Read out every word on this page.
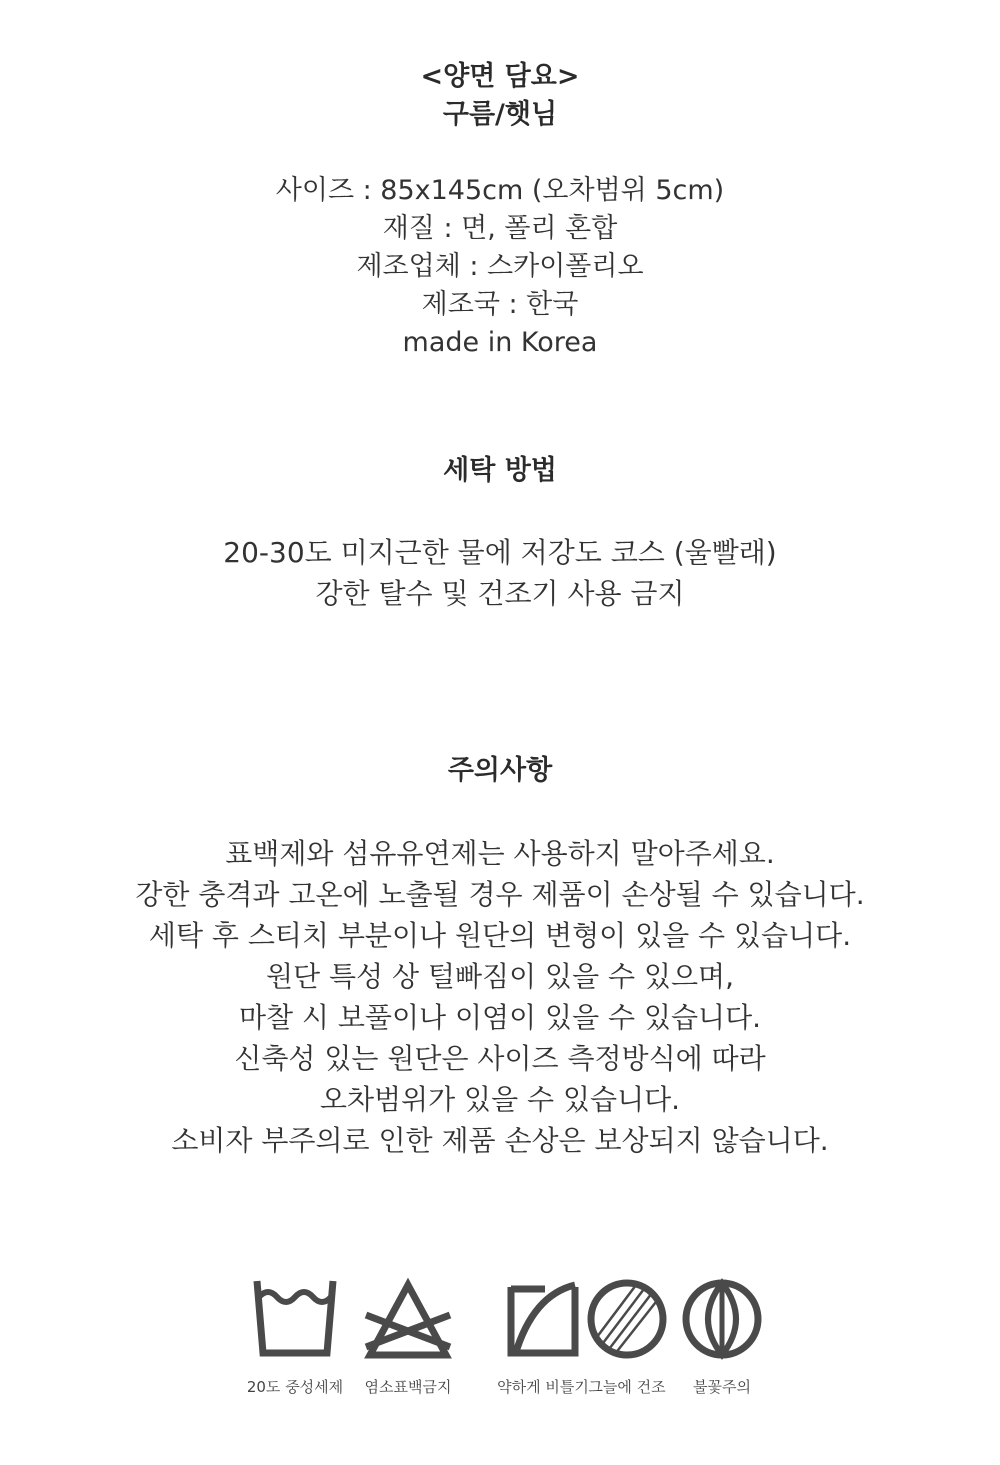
<양면 담요>
구름/햇님
사이즈 : 85x145cm (오차범위 5cm)
재질 : 면, 폴리 혼합
제조업체 : 스카이폴리오
제조국 : 한국
made in Korea
세탁 방법
20-30도 미지근한 물에 저강도 코스 (울빨래)
강한 탈수 및 건조기 사용 금지
주의사항
표백제와 섬유유연제는 사용하지 말아주세요.
강한 충격과 고온에 노출될 경우 제품이 손상될 수 있습니다.
세탁 후 스티치 부분이나 원단의 변형이 있을 수 있습니다.
원단 특성 상 털빠짐이 있을 수 있으며,
마찰 시 보풀이나 이염이 있을 수 있습니다.
신축성 있는 원단은 사이즈 측정방식에 따라
오차범위가 있을 수 있습니다.
소비자 부주의로 인한 제품 손상은 보상되지 않습니다.
20도 중성세제	염소표백금지	약하게 비틀기 그늘에 건조	불꽃주의
